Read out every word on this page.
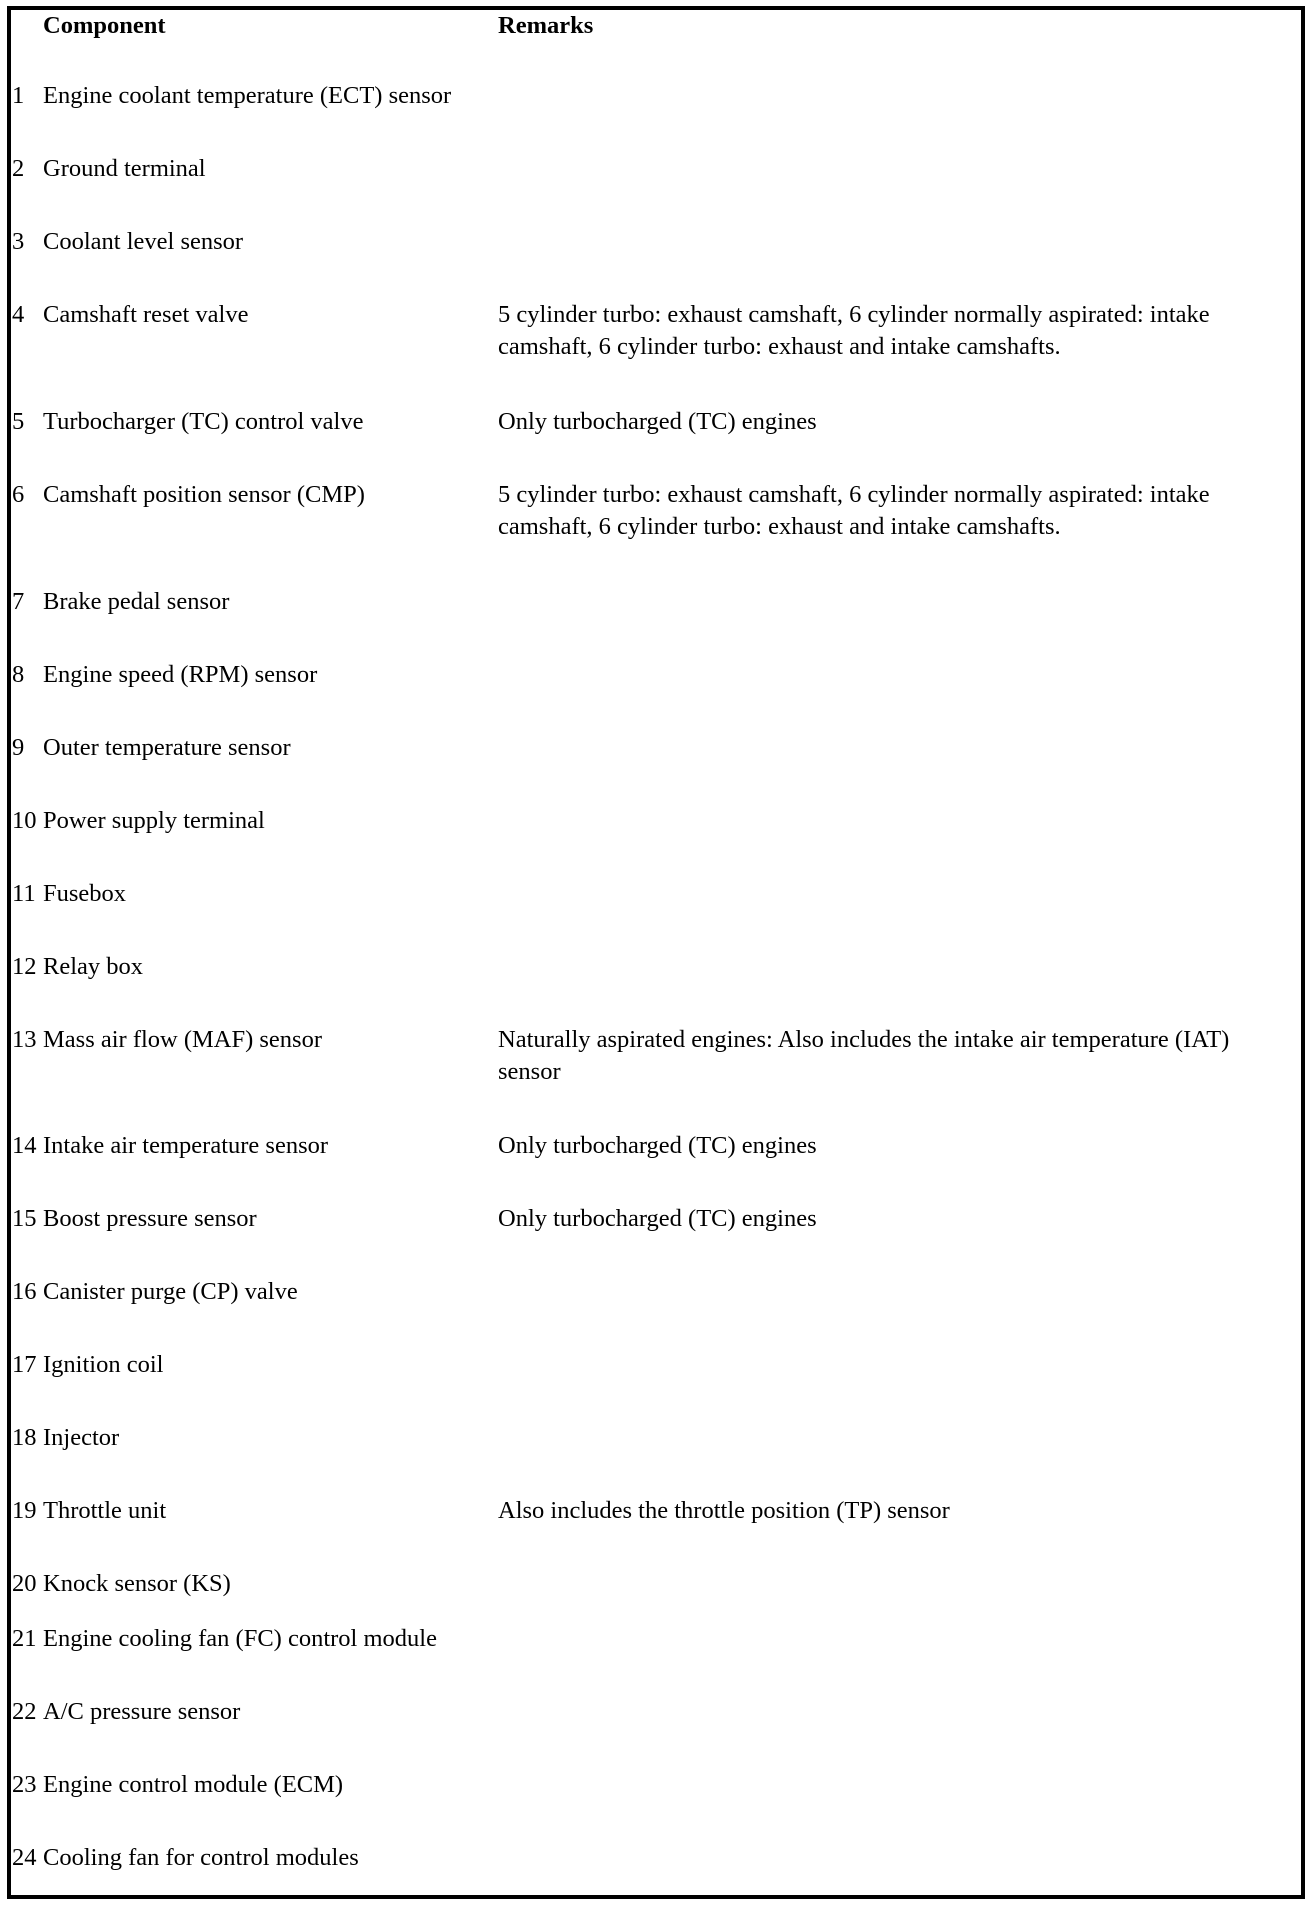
Component	Remarks
1 Engine coolant temperature (ECT) sensor
2 Ground terminal
3 Coolant level sensor
4 Camshaft reset valve	5 cylinder turbo: exhaust camshaft, 6 cylinder normally aspirated: intake camshaft, 6 cylinder turbo: exhaust and intake camshafts.
5 Turbocharger (TC) control valve	Only turbocharged (TC) engines
6 Camshaft position sensor (CMP)	5 cylinder turbo: exhaust camshaft, 6 cylinder normally aspirated: intake camshaft, 6 cylinder turbo: exhaust and intake camshafts.
7 Brake pedal sensor
8 Engine speed (RPM) sensor
9 Outer temperature sensor
10 Power supply terminal
11 Fusebox
12 Relay box
13 Mass air flow (MAF) sensor	Naturally aspirated engines: Also includes the intake air temperature (IAT) sensor
14 Intake air temperature sensor	Only turbocharged (TC) engines
15 Boost pressure sensor	Only turbocharged (TC) engines
16 Canister purge (CP) valve
17 Ignition coil
18 Injector
19 Throttle unit	Also includes the throttle position (TP) sensor
20 Knock sensor (KS)
21 Engine cooling fan (FC) control module
22 A/C pressure sensor
23 Engine control module (ECM)
24 Cooling fan for control modules
